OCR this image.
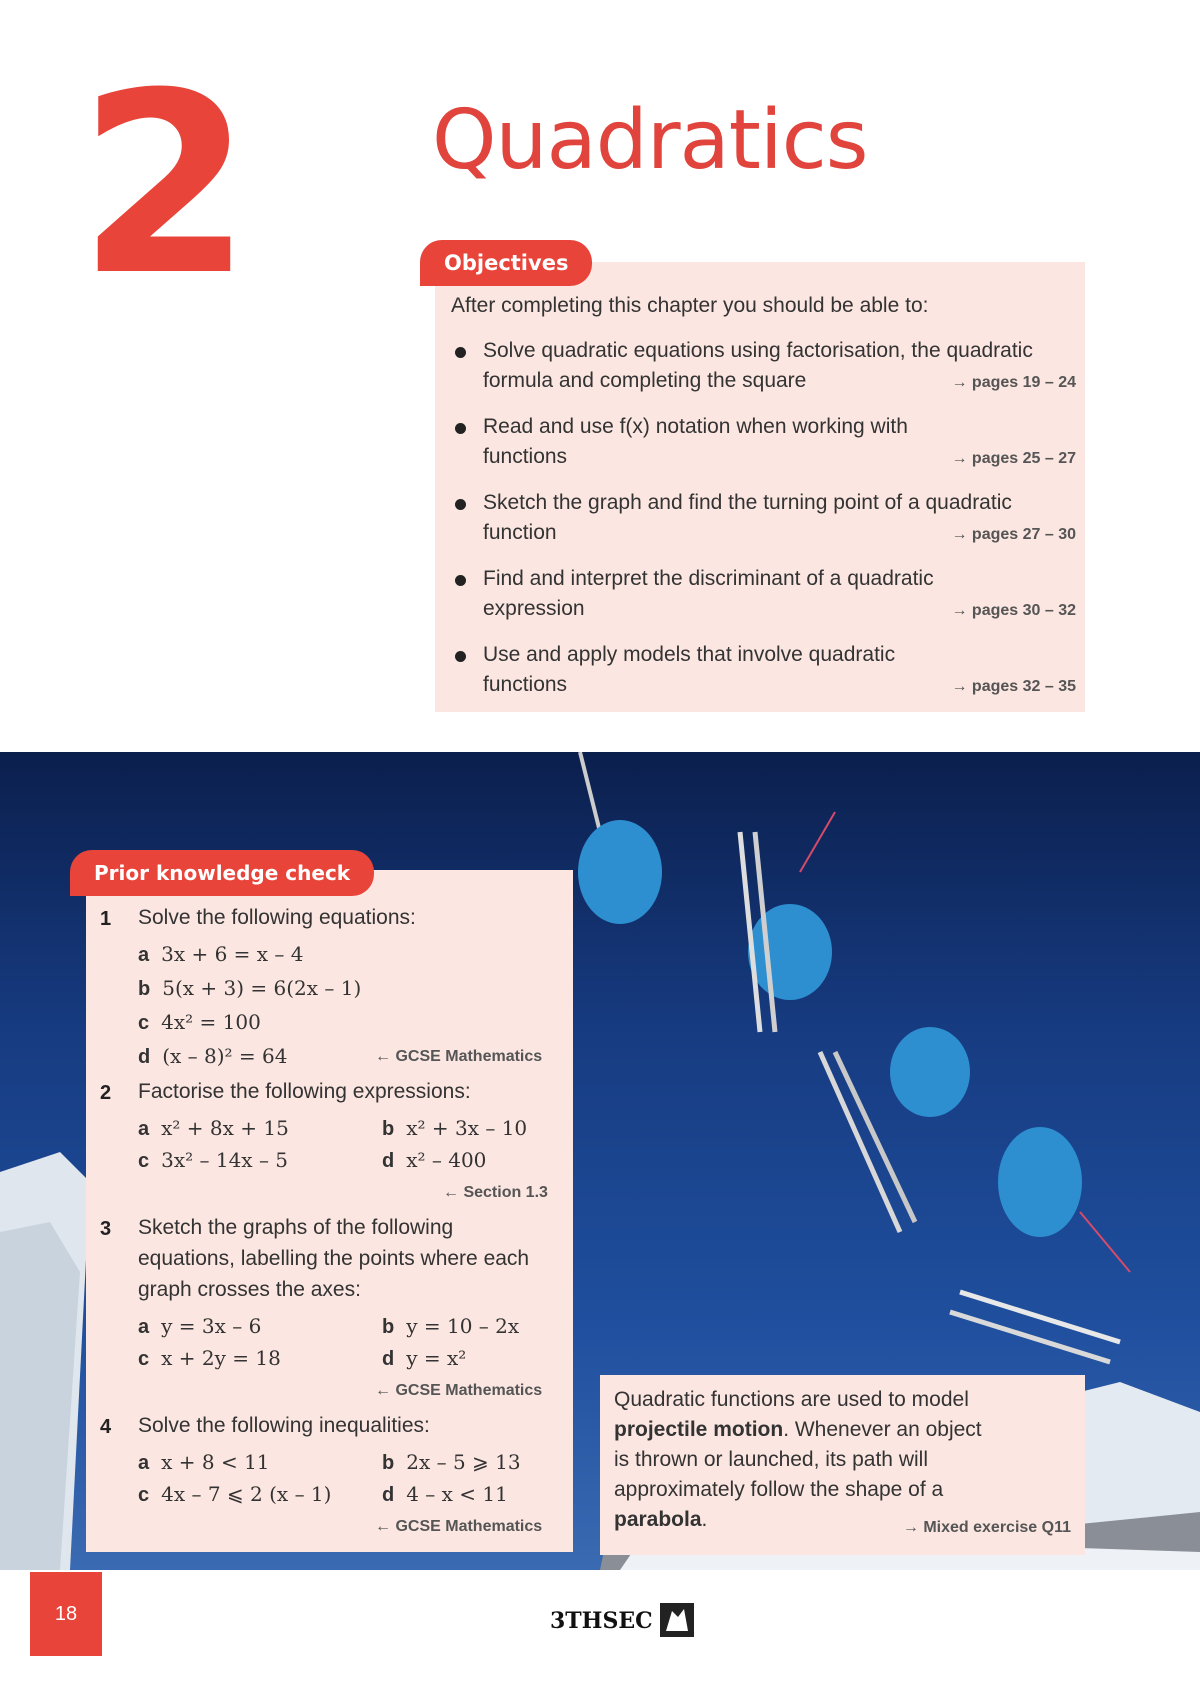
2 Quadratics
Objectives
After completing this chapter you should be able to:
Solve quadratic equations using factorisation, the quadratic
formula and completing the square	→ pages 19 – 24
Read and use f(x) notation when working with
functions	→ pages 25 – 27
Sketch the graph and find the turning point of a quadratic
function	→ pages 27 – 30
Find and interpret the discriminant of a quadratic
expression	→ pages 30 – 32
Use and apply models that involve quadratic
functions	→ pages 32 – 35
Prior knowledge check
1 Solve the following equations:
a 3x + 6 = x – 4
b 5(x + 3) = 6(2x – 1)
c 4x² = 100
d (x – 8)² = 64	← GCSE Mathematics
2 Factorise the following expressions:
a x² + 8x + 15	b x² + 3x – 10
c 3x² – 14x – 5	d x² – 400
← Section 1.3
3 Sketch the graphs of the following
equations, labelling the points where each
graph crosses the axes:
a y = 3x – 6	b y = 10 – 2x
c x + 2y = 18	d y = x²
← GCSE Mathematics
4 Solve the following inequalities:
a x + 8 < 11	b 2x – 5 ⩾ 13
c 4x – 7 ⩽ 2 (x – 1)	d 4 – x < 11
← GCSE Mathematics
Quadratic functions are used to model
projectile motion. Whenever an object
is thrown or launched, its path will
approximately follow the shape of a
parabola.	→ Mixed exercise Q11
18	3THSEC
